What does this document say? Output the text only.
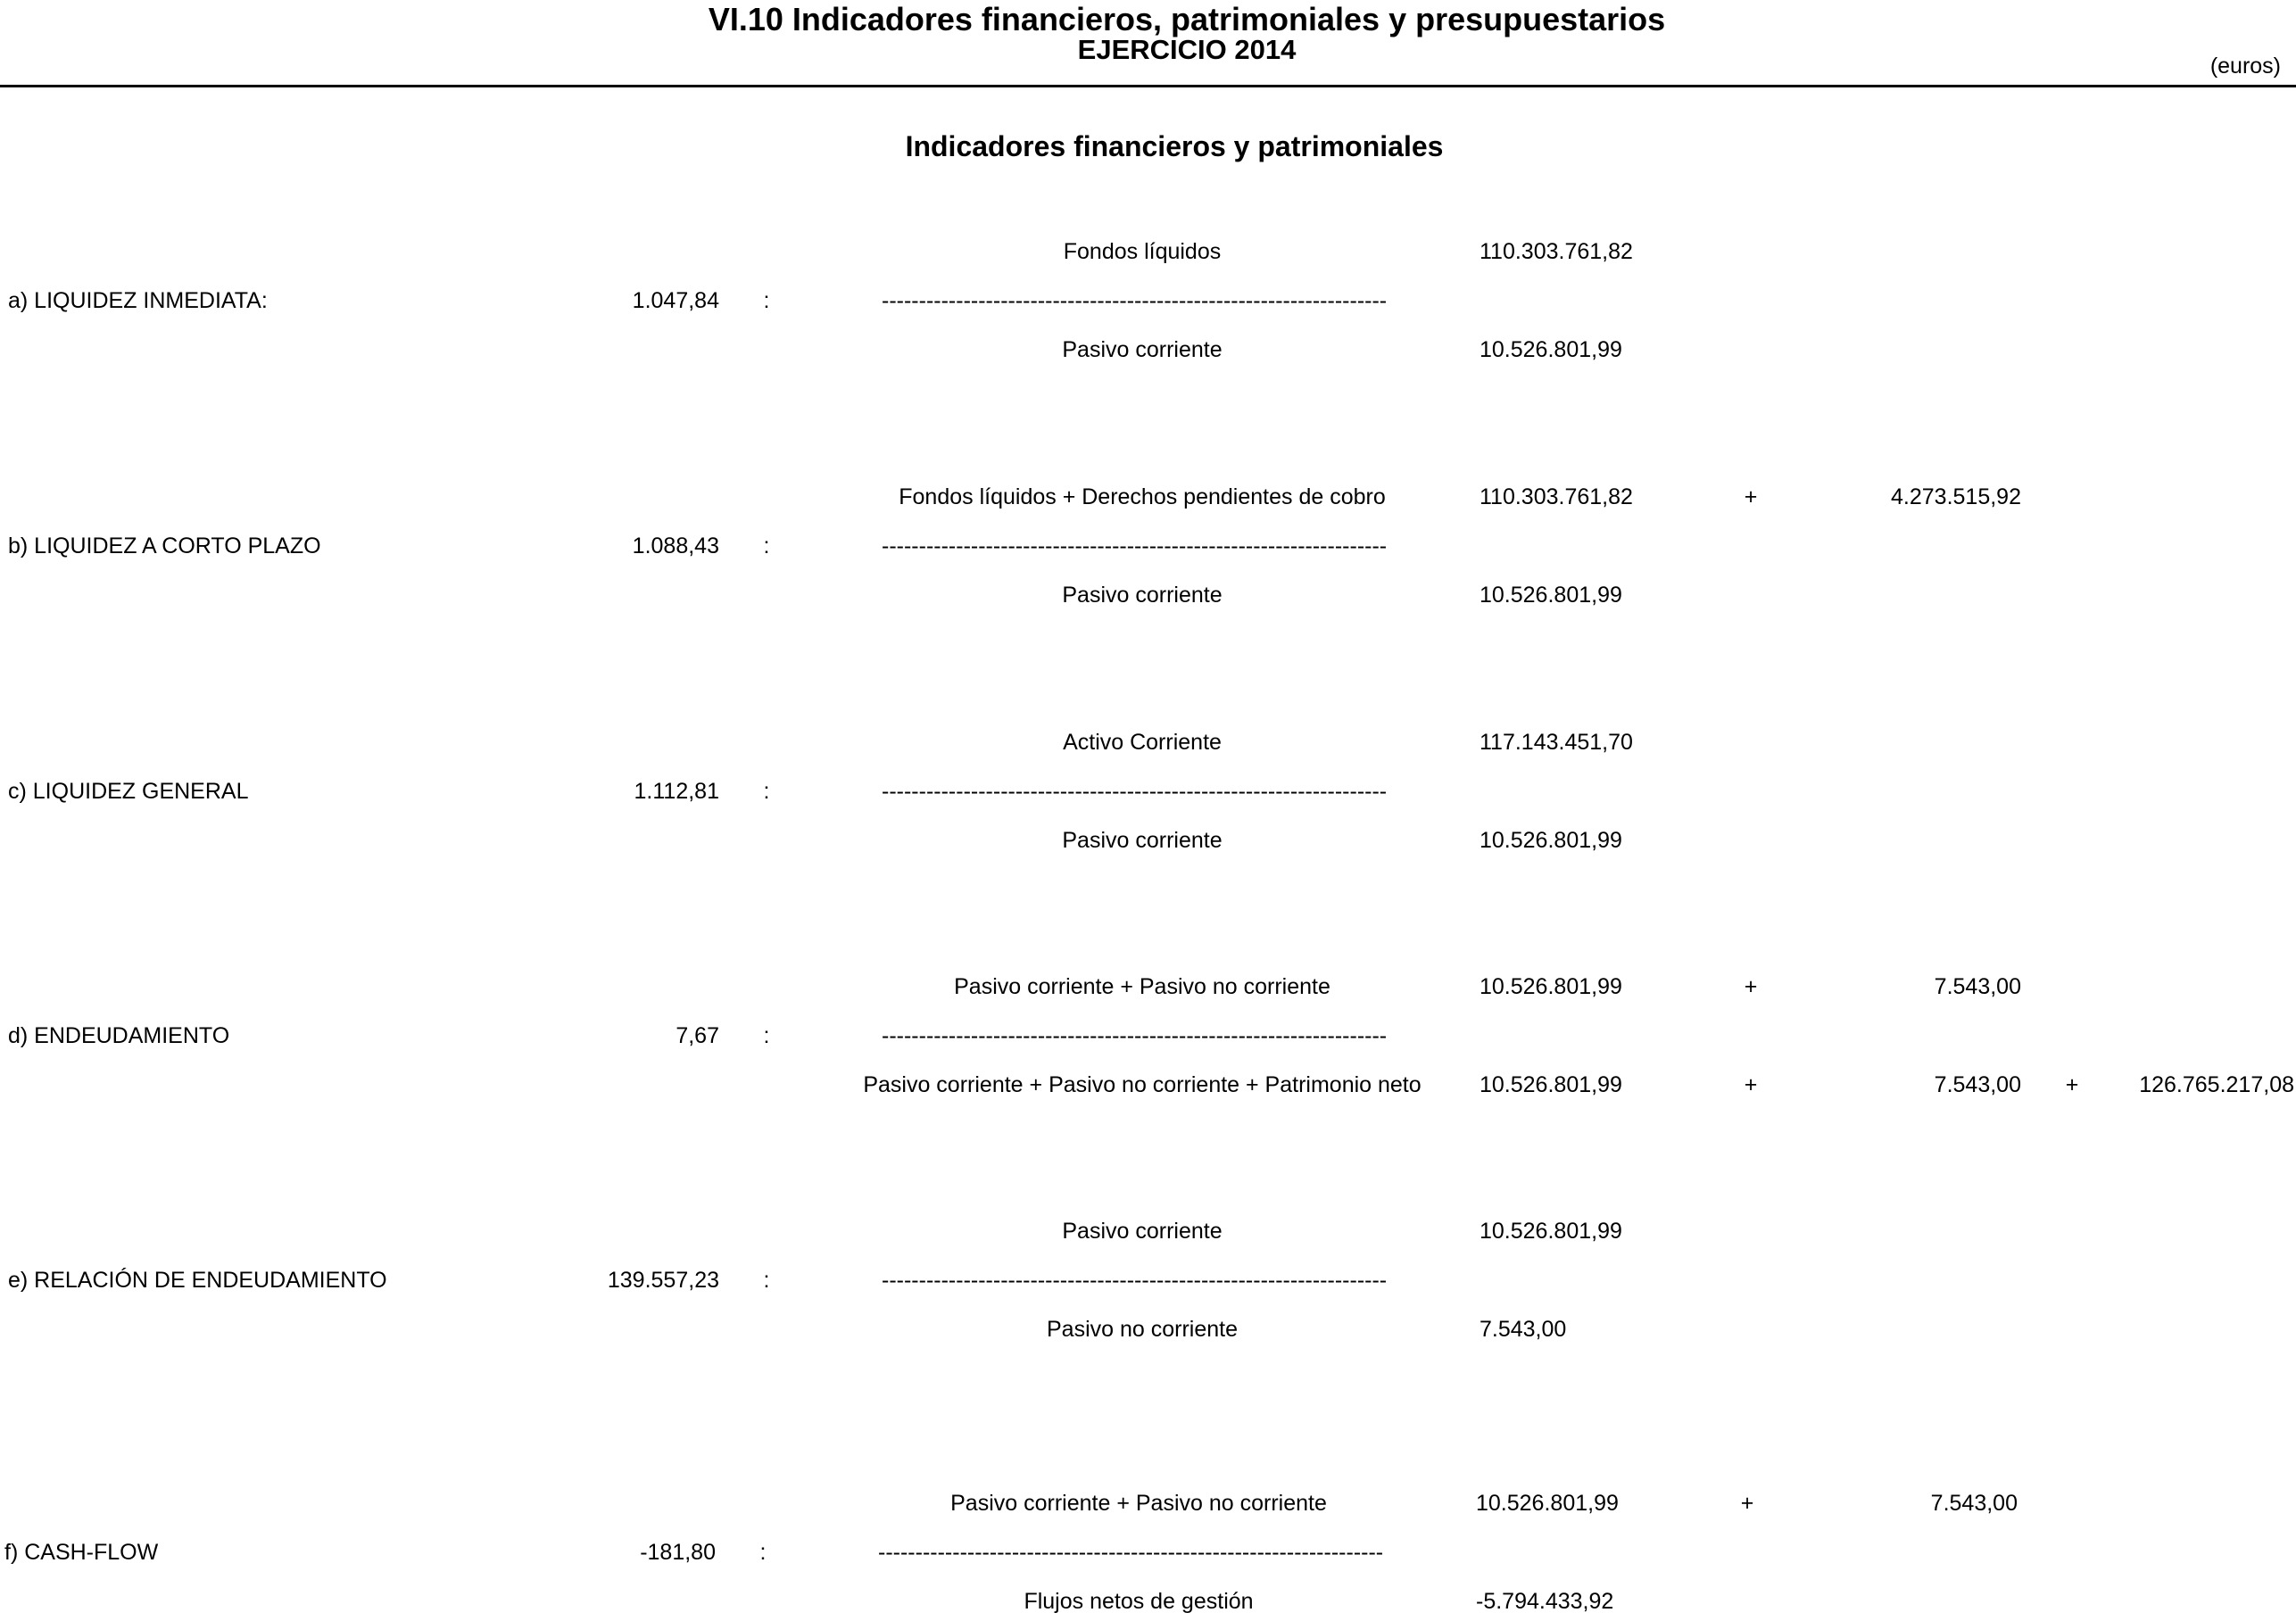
VI.10 Indicadores financieros, patrimoniales y presupuestarios
EJERCICIO 2014
(euros)
Indicadores financieros y patrimoniales
Fondos líquidos	110.303.761,82
a) LIQUIDEZ INMEDIATA:	1.047,84 :	--------------------------------------------------------------------
Pasivo corriente	10.526.801,99
Fondos líquidos + Derechos pendientes de cobro	110.303.761,82	+	4.273.515,92
b) LIQUIDEZ A CORTO PLAZO	1.088,43 :	--------------------------------------------------------------------
Pasivo corriente	10.526.801,99
Activo Corriente	117.143.451,70
c) LIQUIDEZ GENERAL	1.112,81 :	--------------------------------------------------------------------
Pasivo corriente	10.526.801,99
Pasivo corriente + Pasivo no corriente	10.526.801,99	+	7.543,00
d) ENDEUDAMIENTO	7,67 :	--------------------------------------------------------------------
Pasivo corriente + Pasivo no corriente + Patrimonio neto	10.526.801,99	+	7.543,00 +	126.765.217,08
Pasivo corriente	10.526.801,99
e) RELACIÓN DE ENDEUDAMIENTO	139.557,23 :	--------------------------------------------------------------------
Pasivo no corriente	7.543,00
Pasivo corriente + Pasivo no corriente	10.526.801,99	+	7.543,00
f) CASH-FLOW	-181,80 :	--------------------------------------------------------------------
Flujos netos de gestión	-5.794.433,92
